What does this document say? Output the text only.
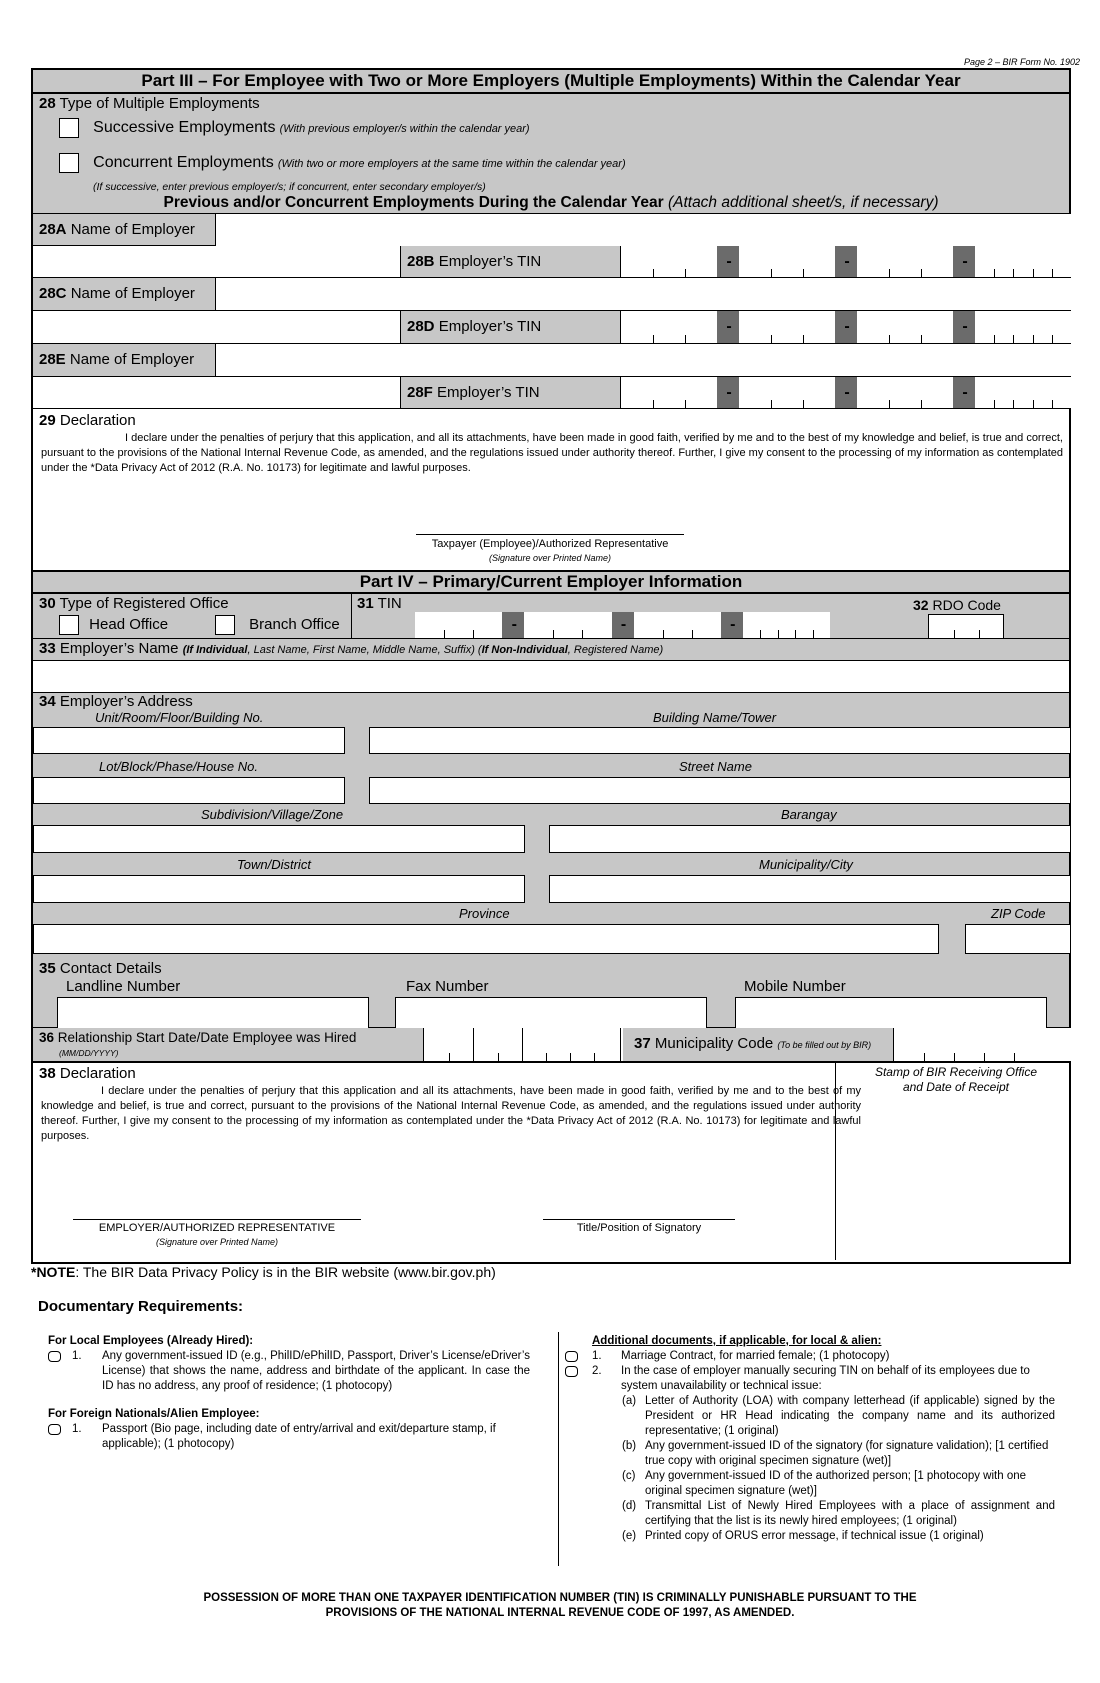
Page 2 – BIR Form No. 1902
Part III – For Employee with Two or More Employers (Multiple Employments) Within the Calendar Year
28 Type of Multiple Employments
Successive Employments (With previous employer/s within the calendar year)
Concurrent Employments (With two or more employers at the same time within the calendar year)
(If successive, enter previous employer/s; if concurrent, enter secondary employer/s)
Previous and/or Concurrent Employments During the Calendar Year (Attach additional sheet/s, if necessary)
28A Name of Employer
28B Employer’s TIN	-	-	-
28C Name of Employer
28D Employer’s TIN	-	-	-
28E Name of Employer
28F Employer’s TIN	-	-	-
29 Declaration
I declare under the penalties of perjury that this application, and all its attachments, have been made in good faith, verified by me and to the best of my knowledge and belief, is true and correct, pursuant to the provisions of the National Internal Revenue Code, as amended, and the regulations issued under authority thereof. Further, I give my consent to the processing of my information as contemplated under the *Data Privacy Act of 2012 (R.A. No. 10173) for legitimate and lawful purposes.
Taxpayer (Employee)/Authorized Representative
(Signature over Printed Name)
Part IV – Primary/Current Employer Information
30 Type of Registered Office
Head Office	Branch Office
31 TIN
-	-	-
32 RDO Code
33 Employer’s Name (If Individual, Last Name, First Name, Middle Name, Suffix) (If Non-Individual, Registered Name)
34 Employer’s Address
Unit/Room/Floor/Building No.	Building Name/Tower
Lot/Block/Phase/House No.	Street Name
Subdivision/Village/Zone	Barangay
Town/District	Municipality/City
Province	ZIP Code
35 Contact Details
Landline Number	Fax Number	Mobile Number
36 Relationship Start Date/Date Employee was Hired
(MM/DD/YYYY)
37 Municipality Code (To be filled out by BIR)
38 Declaration
I declare under the penalties of perjury that this application and all its attachments, have been made in good faith, verified by me and to the best of my knowledge and belief, is true and correct, pursuant to the provisions of the National Internal Revenue Code, as amended, and the regulations issued under authority thereof. Further, I give my consent to the processing of my information as contemplated under the *Data Privacy Act of 2012 (R.A. No. 10173) for legitimate and lawful purposes.
EMPLOYER/AUTHORIZED REPRESENTATIVE
(Signature over Printed Name)
Title/Position of Signatory
Stamp of BIR Receiving Office and Date of Receipt
*NOTE: The BIR Data Privacy Policy is in the BIR website (www.bir.gov.ph)
Documentary Requirements:
For Local Employees (Already Hired):
1. Any government-issued ID (e.g., PhilID/ePhilID, Passport, Driver’s License/eDriver’s License) that shows the name, address and birthdate of the applicant. In case the ID has no address, any proof of residence; (1 photocopy)
For Foreign Nationals/Alien Employee:
1. Passport (Bio page, including date of entry/arrival and exit/departure stamp, if applicable); (1 photocopy)
Additional documents, if applicable, for local & alien:
1. Marriage Contract, for married female; (1 photocopy)
2. In the case of employer manually securing TIN on behalf of its employees due to system unavailability or technical issue:
(a) Letter of Authority (LOA) with company letterhead (if applicable) signed by the President or HR Head indicating the company name and its authorized representative; (1 original)
(b) Any government-issued ID of the signatory (for signature validation); [1 certified true copy with original specimen signature (wet)]
(c) Any government-issued ID of the authorized person; [1 photocopy with one original specimen signature (wet)]
(d) Transmittal List of Newly Hired Employees with a place of assignment and certifying that the list is its newly hired employees; (1 original)
(e) Printed copy of ORUS error message, if technical issue (1 original)
POSSESSION OF MORE THAN ONE TAXPAYER IDENTIFICATION NUMBER (TIN) IS CRIMINALLY PUNISHABLE PURSUANT TO THE PROVISIONS OF THE NATIONAL INTERNAL REVENUE CODE OF 1997, AS AMENDED.
